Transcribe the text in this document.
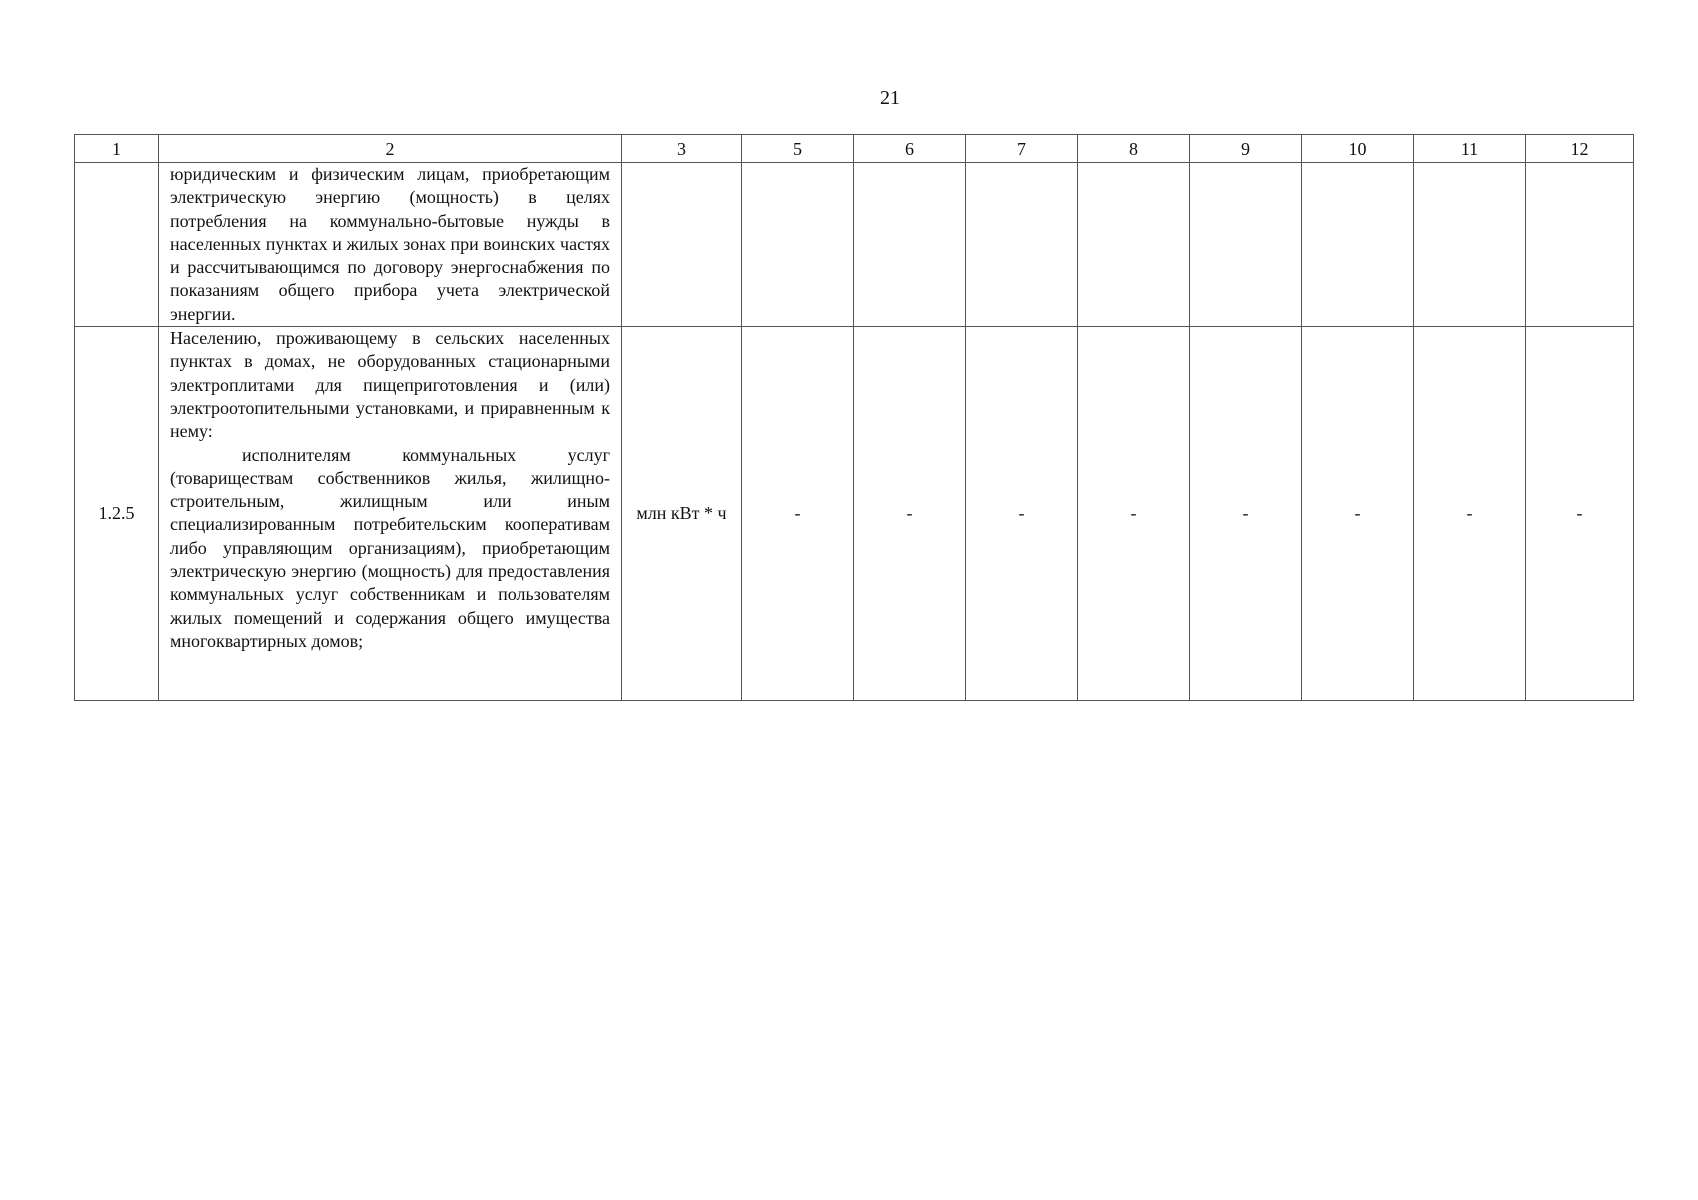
21
1	2	3	5	6	7	8	9	10	11	12

	юридическим и физическим лицам, приобретающим электрическую энергию (мощность) в целях потребления на коммунально-бытовые нужды в населенных пунктах и жилых зонах при воинских частях и рассчитывающимся по договору энергоснабжения по показаниям общего прибора учета электрической энергии.									

1.2.5	Населению, проживающему в сельских населенных пунктах в домах, не оборудованных стационарными электроплитами для пищеприготовления и (или) электроотопительными установками, и приравненным к нему:

исполнителям коммунальных услуг (товариществам собственников жилья, жилищно-строительным, жилищным или иным специализированным потребительским кооперативам либо управляющим организациям), приобретающим электрическую энергию (мощность) для предоставления коммунальных услуг собственникам и пользователям жилых помещений и содержания общего имущества многоквартирных домов;	млн кВт * ч	-	-	-	-	-	-	-	-
